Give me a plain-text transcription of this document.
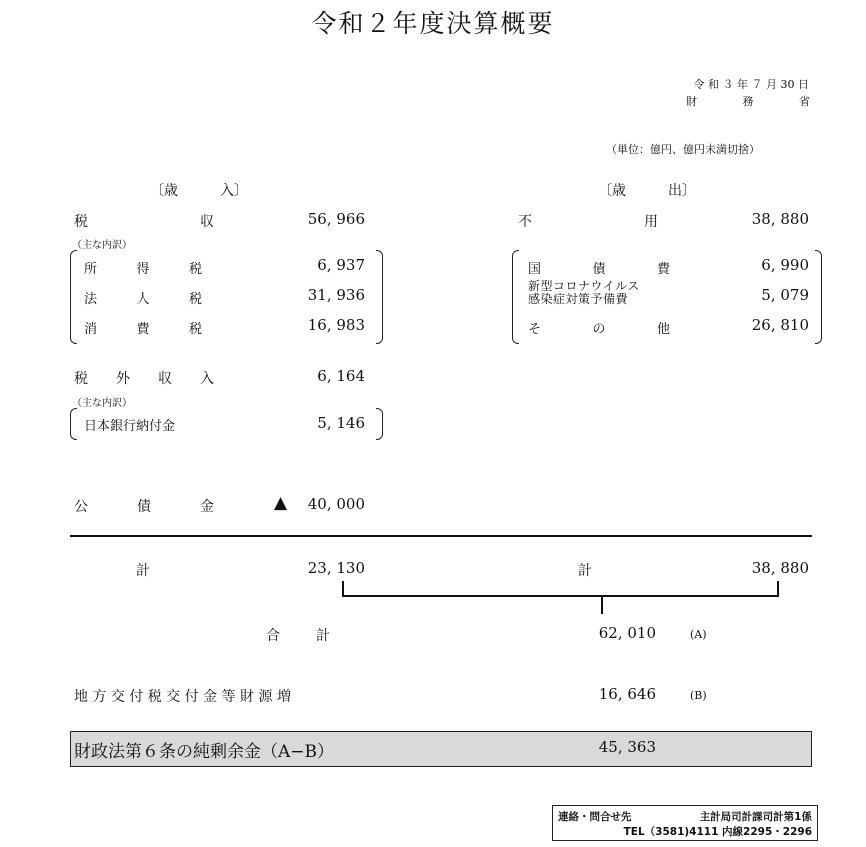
令和２年度決算概要
令 和 ３ 年 ７ 月 30 日
財	務	省
（単位：億円、億円未満切捨）
〔歳　　　入〕	〔歳　　　出〕
税	収	56, 966
（主な内訳）
所	得	税	6, 937
法	人	税	31, 936
消	費	税	16, 983
税 外 収 入	6, 164
（主な内訳）
日本銀行納付金	5, 146
公	債	金	▲	40, 000
不	用	38, 880
国	債	費	6, 990
新型コロナウイルス
感染症対策予備費	5, 079
そ	の	他	26, 810
計	23, 130	計	38, 880
合	計	62, 010	(A)
地 方 交 付 税 交 付 金 等 財 源 増	16, 646	(B)
財政法第６条の純剰余金（A−B）	45, 363
連絡・問合せ先	主計局司計課司計第1係
TEL（3581)4111 内線2295・2296
